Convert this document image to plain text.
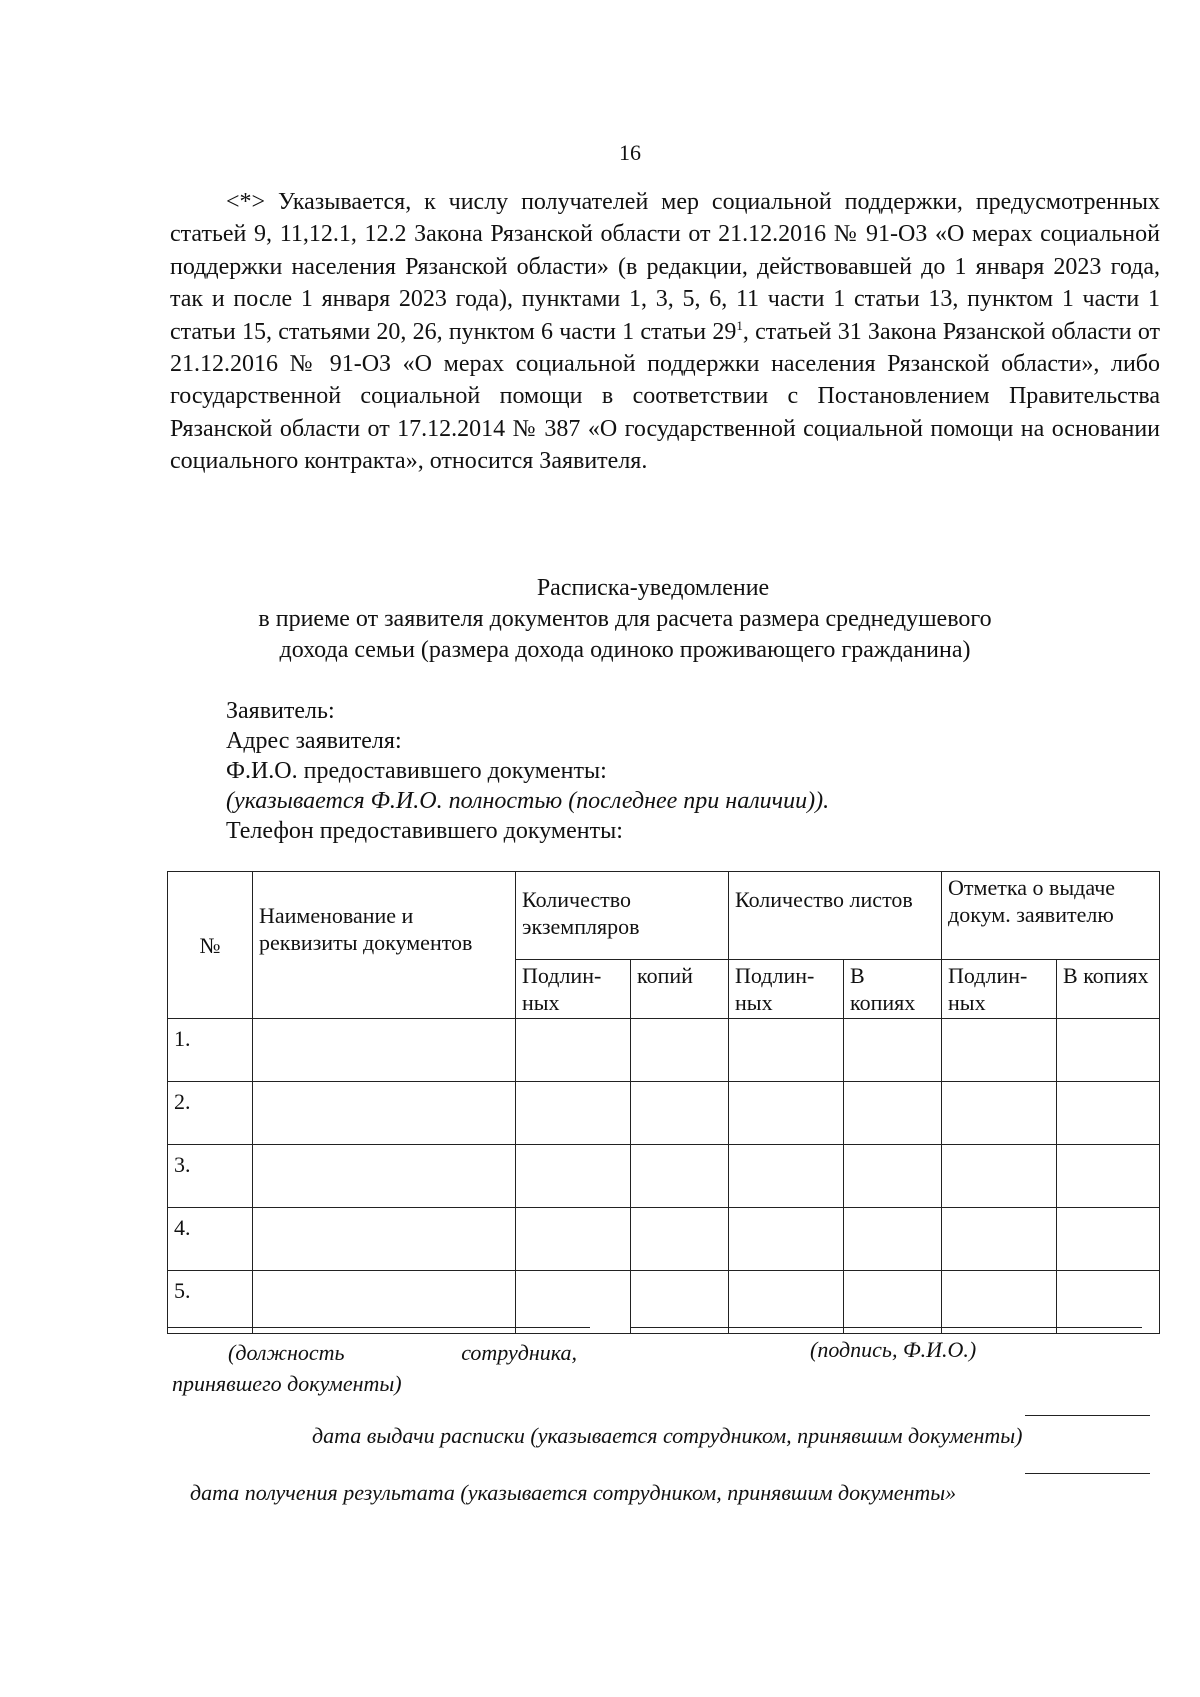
16

<*> Указывается, к числу получателей мер социальной поддержки, предусмотренных статьей 9, 11,12.1, 12.2 Закона Рязанской области от 21.12.2016 № 91-ОЗ «О мерах социальной поддержки населения Рязанской области» (в редакции, действовавшей до 1 января 2023 года, так и после 1 января 2023 года), пунктами 1, 3, 5, 6, 11 части 1 статьи 13, пунктом 1 части 1 статьи 15, статьями 20, 26, пунктом 6 части 1 статьи $29^1$, статьей 31 Закона Рязанской области от 21.12.2016 № 91-ОЗ «О мерах социальной поддержки населения Рязанской области», либо государственной социальной помощи в соответствии с Постановлением Правительства Рязанской области от 17.12.2014 № 387 «О государственной социальной помощи на основании социального контракта», относится Заявителя.

Расписка-уведомление
в приеме от заявителя документов для расчета размера среднедушевого
дохода семьи (размера дохода одиноко проживающего гражданина)
Заявитель:
Адрес заявителя:
Ф.И.О. предоставившего документы:
(указывается Ф.И.О. полностью (последнее при наличии)).
Телефон предоставившего документы:
№	Наименование и реквизиты документов	Количество экземпляров		Количество листов		Отметка о выдаче докум. заявителю	
		Подлин-ных	копий	Подлин-ных	В копиях	Подлин-ных	В копиях
1.							
2.							
3.							
4.							
5.							
(должность сотрудника, принявшего документы)
(подпись, Ф.И.О.)
дата выдачи расписки (указывается сотрудником, принявшим документы)
дата получения результата (указывается сотрудником, принявшим документы»
